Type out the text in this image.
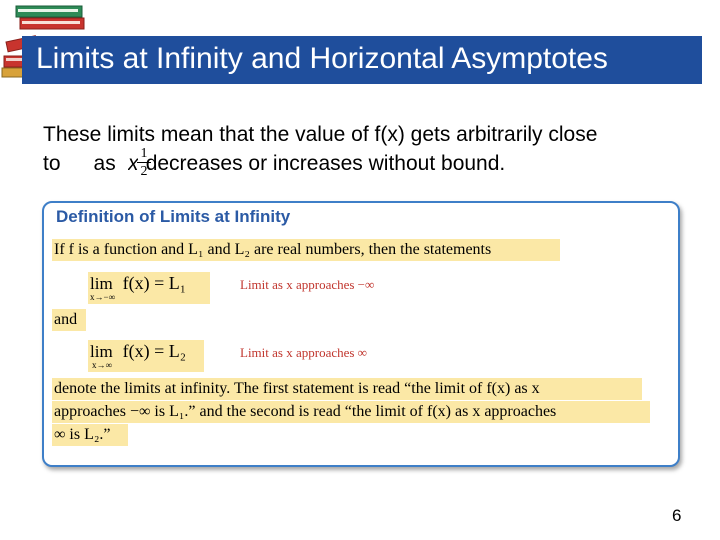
Limits at Infinity and Horizontal Asymptotes
These limits mean that the value of f(x) gets arbitrarily close
to as decreases or increases without bound.
x 1
2
Definition of Limits at Infinity
If f is a function and L₁ and L₂ are real numbers, then the statements
lim f(x) = L₁
x→−∞
Limit as x approaches −∞
and
lim f(x) = L₂
x→∞
Limit as x approaches ∞
denote the limits at infinity. The first statement is read “the limit of f(x) as x
approaches −∞ is L₁.” and the second is read “the limit of f(x) as x approaches
∞ is L₂.”
6
